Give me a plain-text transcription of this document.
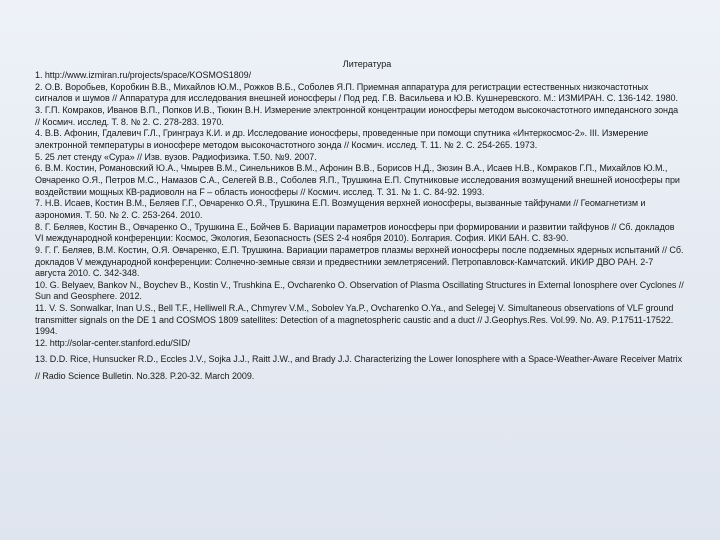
Литература

1. http://www.izmiran.ru/projects/space/KOSMOS1809/

2. О.В. Воробьев, Коробкин В.В., Михайлов Ю.М., Рожков В.Б., Соболев Я.П. Приемная аппаратура для регистрации естественных низкочастотных сигналов и шумов // Аппаратура для исследования внешней ионосферы / Под ред. Г.В. Васильева и Ю.В. Кушнеревского. М.: ИЗМИРАН. С. 136-142. 1980.

3. Г.П. Комраков, Иванов В.П., Попков И.В., Тюкин В.Н. Измерение электронной концентрации ионосферы методом высокочастотного импедансного зонда // Космич. исслед. Т. 8. № 2. С. 278-283. 1970.

4. В.В. Афонин, Гдалевич Г.Л., Гринграуз К.И. и др. Исследование ионосферы, проведенные при помощи спутника «Интеркосмос-2». III. Измерение электронной температуры в ионосфере методом высокочастотного зонда // Космич. исслед. Т. 11. № 2. С. 254-265. 1973.

5. 25 лет стенду «Сура» // Изв. вузов. Радиофизика. Т.50. №9. 2007.

6. В.М. Костин, Романовский Ю.А., Чмырев В.М., Синельников В.М., Афонин В.В., Борисов Н.Д., Зюзин В.А., Исаев Н.В., Комраков Г.П., Михайлов Ю.М., Овчаренко О.Я., Петров М.С., Намазов С.А., Селегей В.В., Соболев Я.П., Трушкина Е.П. Спутниковые исследования возмущений внешней ионосферы при воздействии мощных КВ-радиоволн на F – область ионосферы // Космич. исслед. Т. 31. № 1. С. 84-92. 1993.

7. Н.В. Исаев, Костин В.М., Беляев Г.Г., Овчаренко О.Я., Трушкина Е.П. Возмущения верхней ионосферы, вызванные тайфунами // Геомагнетизм и аэрономия. Т. 50. № 2. С. 253-264. 2010.

8. Г. Беляев, Костин В., Овчаренко О., Трушкина Е., Бойчев Б. Вариации параметров ионосферы при формировании и развитии тайфунов // Сб. докладов VI международной конференции: Космос, Экология, Безопасность (SES 2-4 ноября 2010). Болгария. София. ИКИ БАН. С. 83-90.

9. Г. Г. Беляев, В.М. Костин, О.Я. Овчаренко, Е.П. Трушкина. Вариации параметров плазмы верхней ионосферы после подземных ядерных испытаний // Сб. докладов V международной конференции: Солнечно-земные связи и предвестники землетрясений. Петропавловск-Камчатский. ИКИР ДВО РАН. 2-7 августа 2010. С. 342-348.

10. G. Belyaev, Bankov N., Boychev B., Kostin V., Trushkina E., Ovcharenko O. Observation of Plasma Oscillating Structures in External Ionosphere over Cyclones // Sun and Geosphere. 2012.

11. V. S. Sonwalkar, Inan U.S., Bell T.F., Helliwell R.A., Chmyrev V.M., Sobolev Ya.P., Ovcharenko O.Ya., and Selegej V. Simultaneous observations of VLF ground transmitter signals on the DE 1 and COSMOS 1809 satellites: Detection of a magnetospheric caustic and a duct // J.Geophys.Res. Vol.99. No. A9. P.17511-17522. 1994.

12. http://solar-center.stanford.edu/SID/

13. D.D. Rice, Hunsucker R.D., Eccles J.V., Sojka J.J., Raitt J.W., and Brady J.J. Characterizing the Lower Ionosphere with a Space-Weather-Aware Receiver Matrix // Radio Science Bulletin. No.328. P.20-32. March 2009.
